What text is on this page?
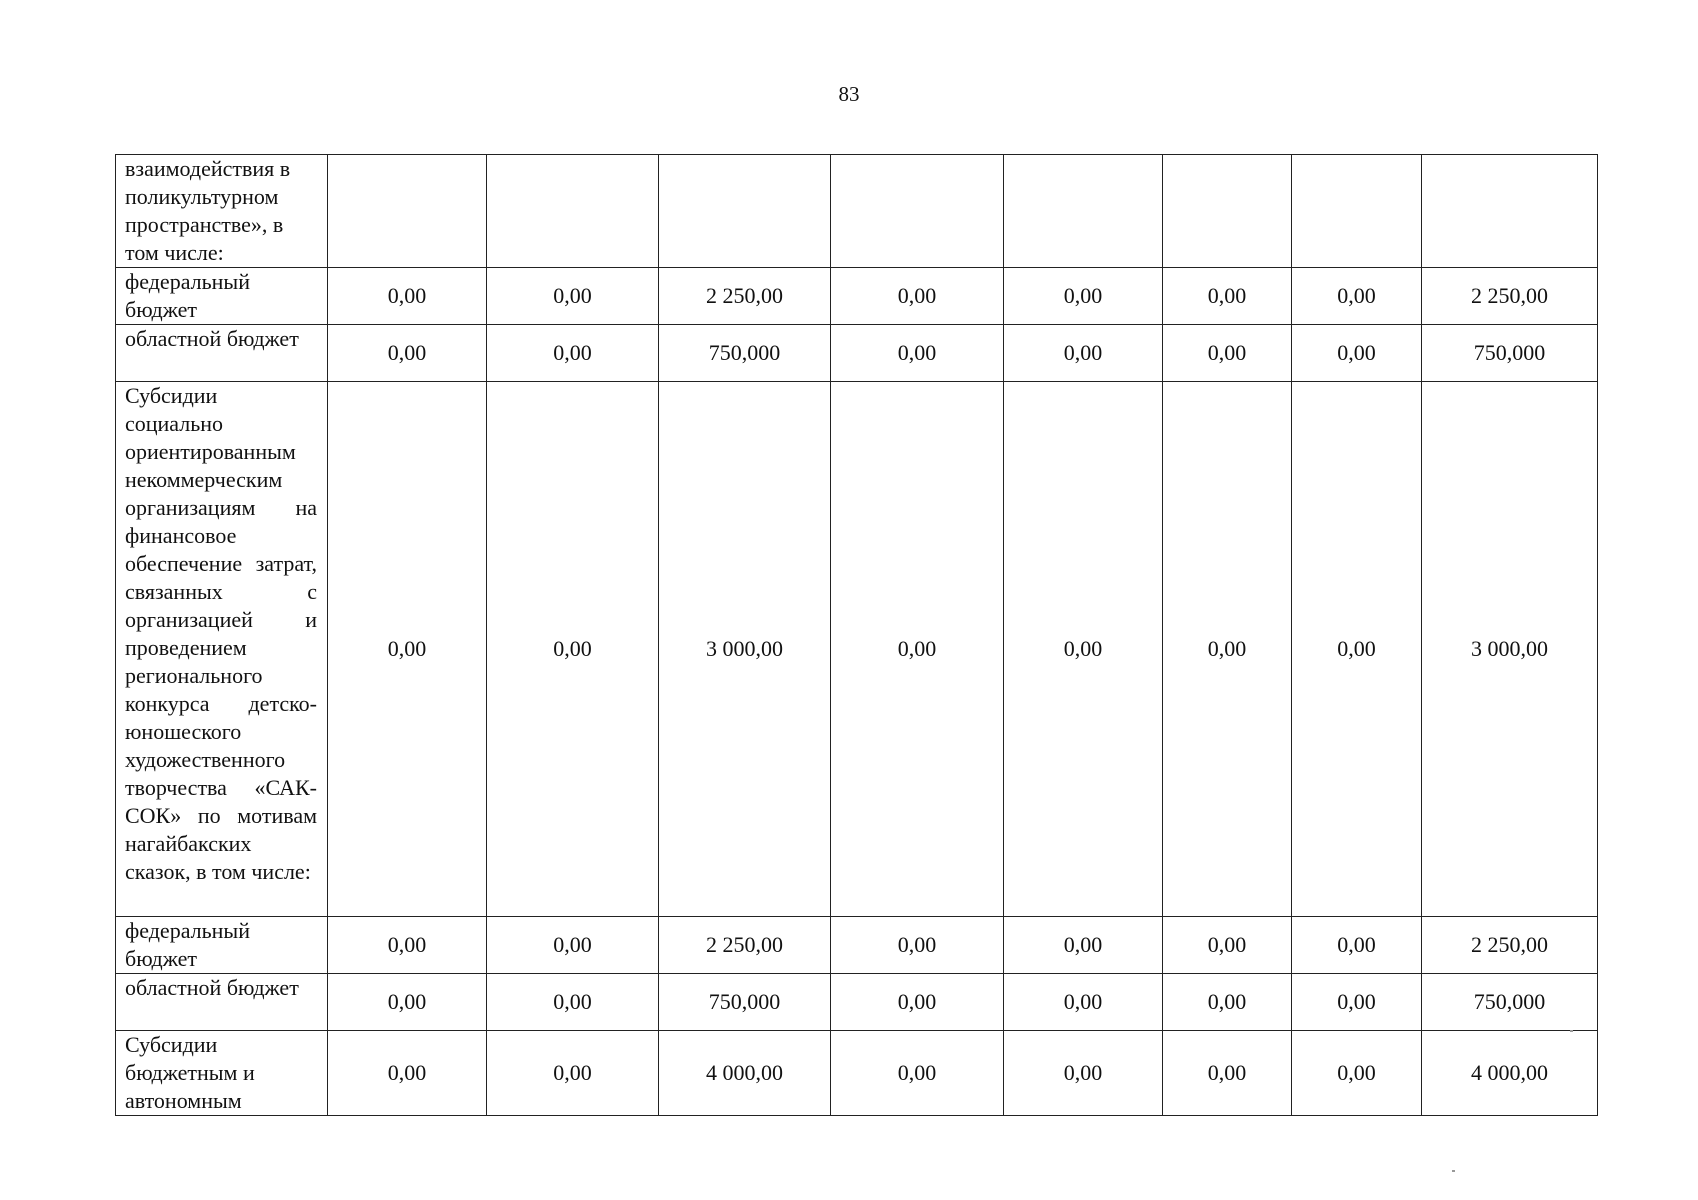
83
взаимодействия в поликультурном пространстве», в том числе:								
федеральный бюджет	0,00	0,00	2 250,00	0,00	0,00	0,00	0,00	2 250,00
областной бюджет	0,00	0,00	750,000	0,00	0,00	0,00	0,00	750,000
Субсидии социально ориентированным некоммерческим организациям на финансовое обеспечение затрат, связанных с организацией и проведением регионального конкурса детско-юношеского художественного творчества «САК-СОК» по мотивам нагайбакских сказок, в том числе:	0,00	0,00	3 000,00	0,00	0,00	0,00	0,00	3 000,00
федеральный бюджет	0,00	0,00	2 250,00	0,00	0,00	0,00	0,00	2 250,00
областной бюджет	0,00	0,00	750,000	0,00	0,00	0,00	0,00	750,000
Субсидии бюджетным и автономным	0,00	0,00	4 000,00	0,00	0,00	0,00	0,00	4 000,00
